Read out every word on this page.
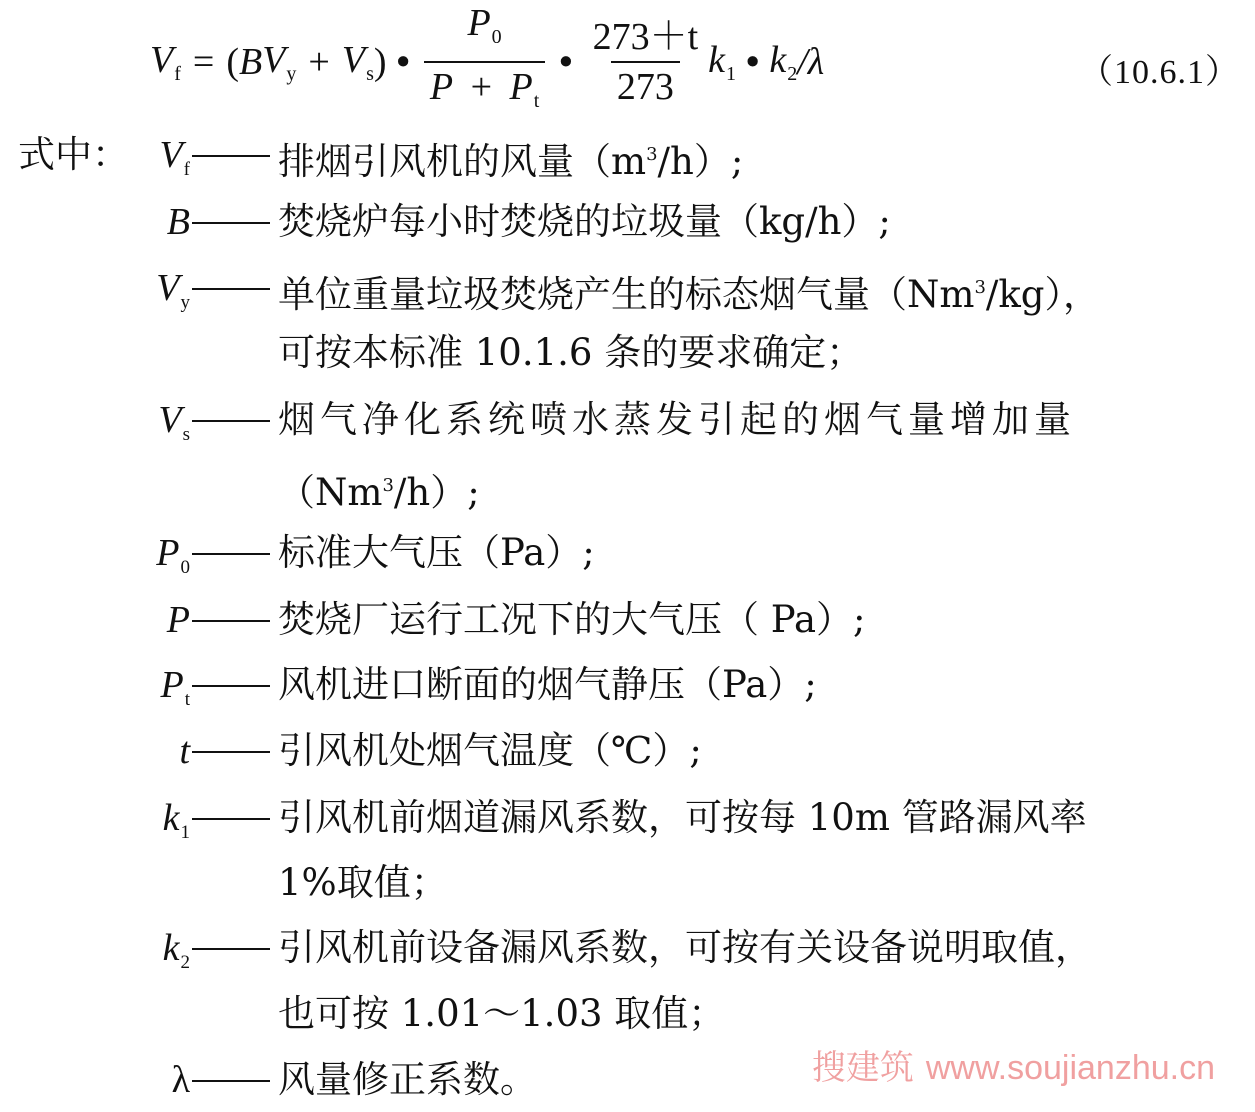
$V_f$ = ( B $V_y + V_s$ ) • $\frac{P_0}{P + P_t}$ • $\frac{273+t}{273} k_1$ • $k_2$ /λ	（10.6.1）
式中： $V_f$ 排烟引风机的风量$(m^3/h)$;
B 焚烧炉每小时焚烧的垃圾量（kg/h）;
$V_y$ 单位重量垃圾焚烧产生的标态烟气量（Nm$^3$/kg），
可按本标准 10.1.6 条的要求确定；
$V_s$ 烟气净化系统喷水蒸发引起的烟气量增加量
（Nm$^3$/h）;
$P_0$ 标准大气压（Pa）;
P 焚烧厂运行工况下的大气压（ Pa）;
$P_t$ 风机进口断面的烟气静压（Pa）;
t 引风机处烟气温度（℃）;
$k_1$ 引风机前烟道漏风系数，可按每 10m 管路漏风率
1%取值；
$k_2$ 引风机前设备漏风系数，可按有关设备说明取值，
也可按 1.01～1.03 取值；
λ 风量修正系数。	搜建筑 www.soujianzhu.cn
